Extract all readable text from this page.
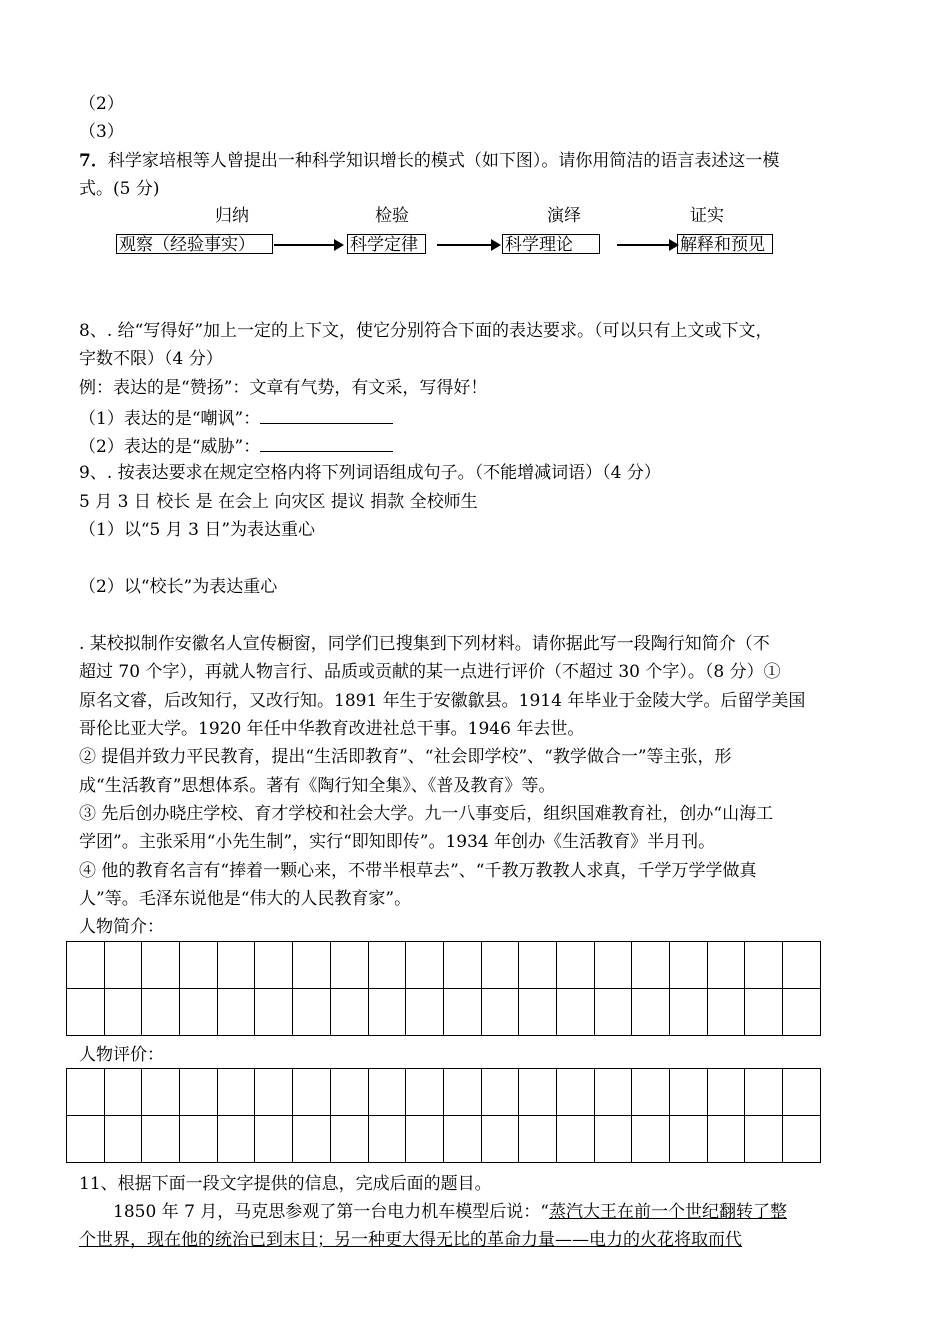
（2）
（3）
7．科学家培根等人曾提出一种科学知识增长的模式（如下图）。请你用简洁的语言表述这一模
式。(5 分)
归纳	检验	演绎	证实
观察（经验事实）	科学定律	科学理论	解释和预见
8、. 给“写得好”加上一定的上下文，使它分别符合下面的表达要求。（可以只有上文或下文，
字数不限）（4 分）
例：表达的是“赞扬”：文章有气势，有文采，写得好！
（1）表达的是“嘲讽”：
（2）表达的是“威胁”：
9、. 按表达要求在规定空格内将下列词语组成句子。（不能增减词语）（4 分）
5 月 3 日 校长 是 在会上 向灾区 提议 捐款 全校师生
（1）以“5 月 3 日”为表达重心
（2）以“校长”为表达重心
. 某校拟制作安徽名人宣传橱窗，同学们已搜集到下列材料。请你据此写一段陶行知简介（不
超过 70 个字），再就人物言行、品质或贡献的某一点进行评价（不超过 30 个字）。（8 分）①
原名文睿，后改知行，又改行知。1891 年生于安徽歙县。1914 年毕业于金陵大学。后留学美国
哥伦比亚大学。1920 年任中华教育改进社总干事。1946 年去世。
② 提倡并致力平民教育，提出“生活即教育”、“社会即学校”、“教学做合一”等主张，形
成“生活教育”思想体系。著有《陶行知全集》、《普及教育》等。
③ 先后创办晓庄学校、育才学校和社会大学。九一八事变后，组织国难教育社，创办“山海工
学团”。主张采用“小先生制”，实行“即知即传”。1934 年创办《生活教育》半月刊。
④ 他的教育名言有“捧着一颗心来，不带半根草去”、“千教万教教人求真，千学万学学做真
人”等。毛泽东说他是“伟大的人民教育家”。
人物简介：

人物评价：

11、根据下面一段文字提供的信息，完成后面的题目。
1850 年 7 月，马克思参观了第一台电力机车模型后说：“蒸汽大王在前一个世纪翻转了整
个世界，现在他的统治已到末日；另一种更大得无比的革命力量——电力的火花将取而代
